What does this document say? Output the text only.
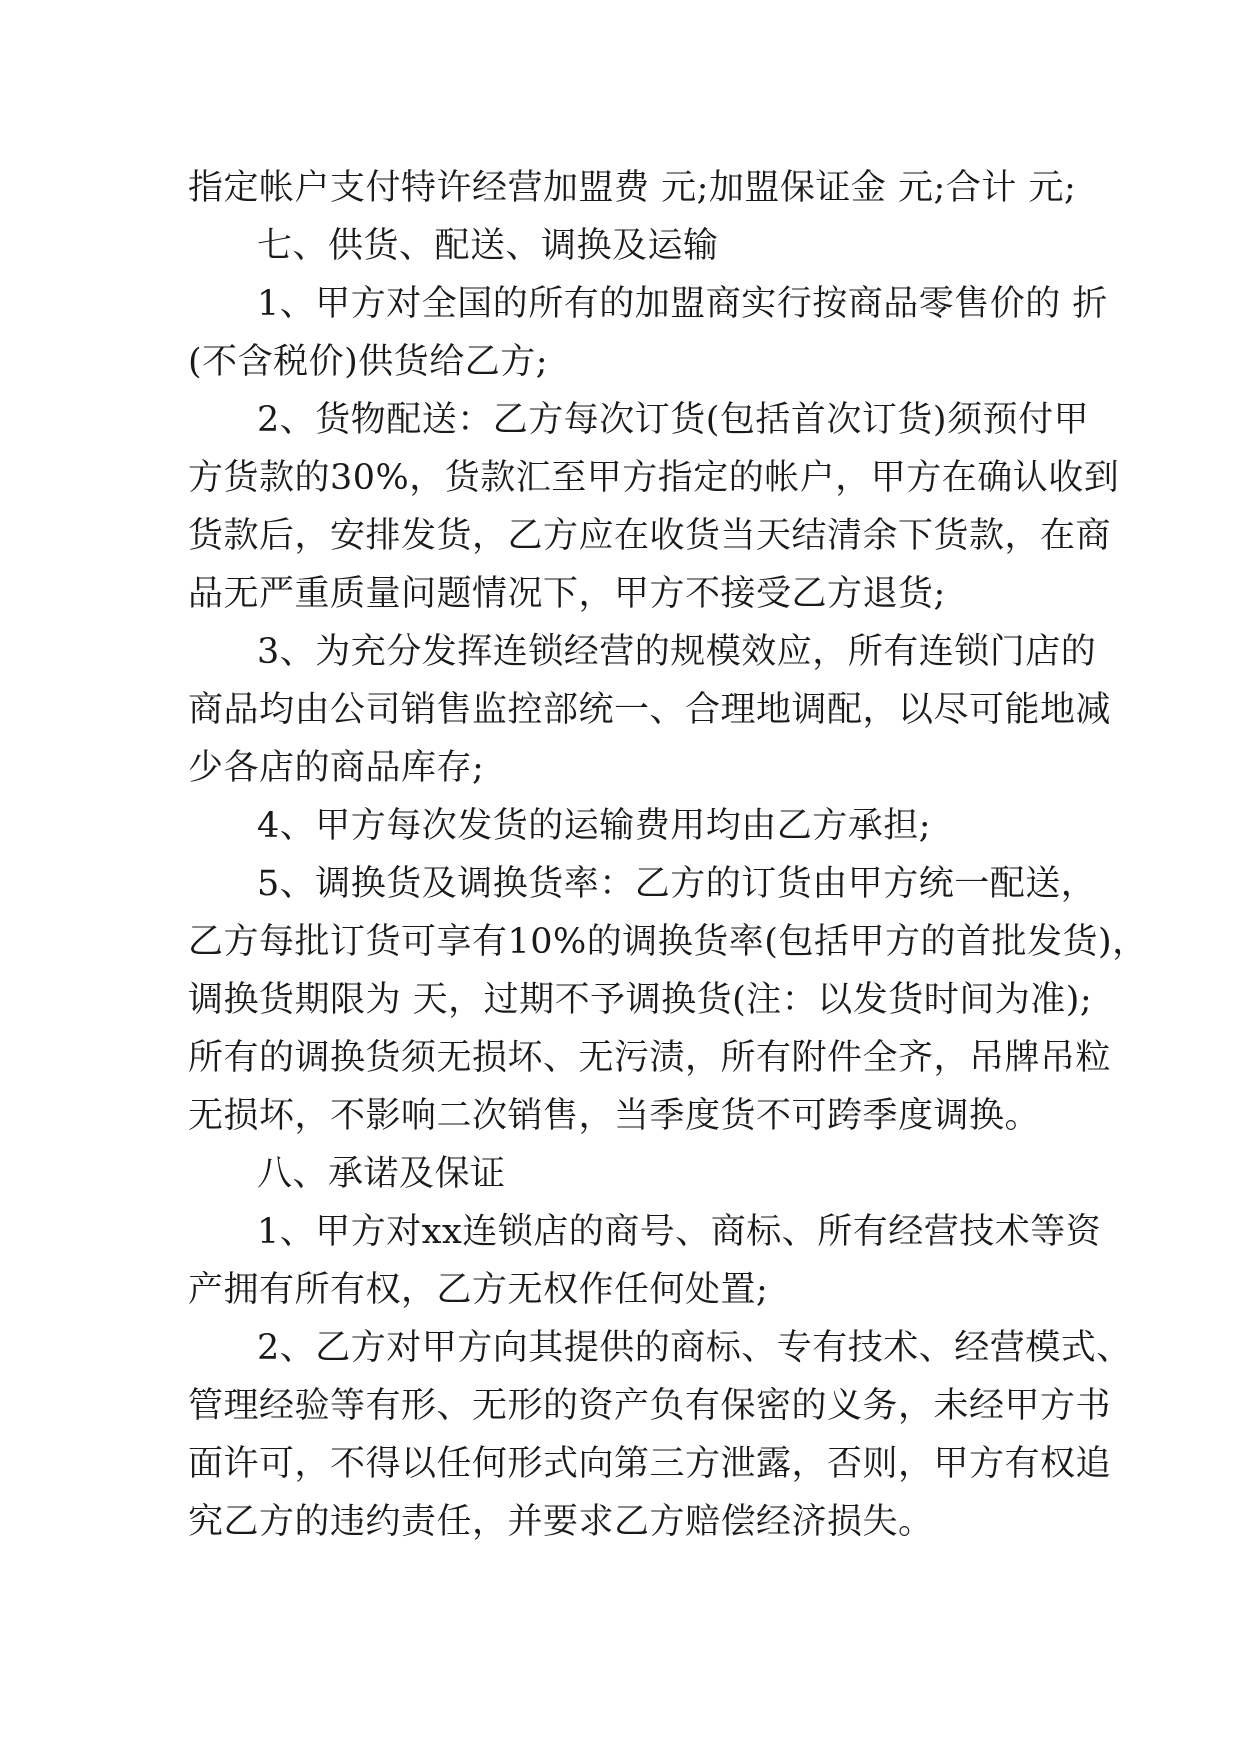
指定帐户支付特许经营加盟费 元;加盟保证金 元;合计 元;
七、供货、配送、调换及运输
1、甲方对全国的所有的加盟商实行按商品零售价的 折
(不含税价)供货给乙方;
2、货物配送：乙方每次订货(包括首次订货)须预付甲
方货款的30%，货款汇至甲方指定的帐户，甲方在确认收到
货款后，安排发货，乙方应在收货当天结清余下货款，在商
品无严重质量问题情况下，甲方不接受乙方退货;
3、为充分发挥连锁经营的规模效应，所有连锁门店的
商品均由公司销售监控部统一、合理地调配，以尽可能地减
少各店的商品库存;
4、甲方每次发货的运输费用均由乙方承担;
5、调换货及调换货率：乙方的订货由甲方统一配送，
乙方每批订货可享有10%的调换货率(包括甲方的首批发货)，
调换货期限为 天，过期不予调换货(注：以发货时间为准);
所有的调换货须无损坏、无污渍，所有附件全齐，吊牌吊粒
无损坏，不影响二次销售，当季度货不可跨季度调换。
八、承诺及保证
1、甲方对xx连锁店的商号、商标、所有经营技术等资
产拥有所有权，乙方无权作任何处置;
2、乙方对甲方向其提供的商标、专有技术、经营模式、
管理经验等有形、无形的资产负有保密的义务，未经甲方书
面许可，不得以任何形式向第三方泄露，否则，甲方有权追
究乙方的违约责任，并要求乙方赔偿经济损失。
